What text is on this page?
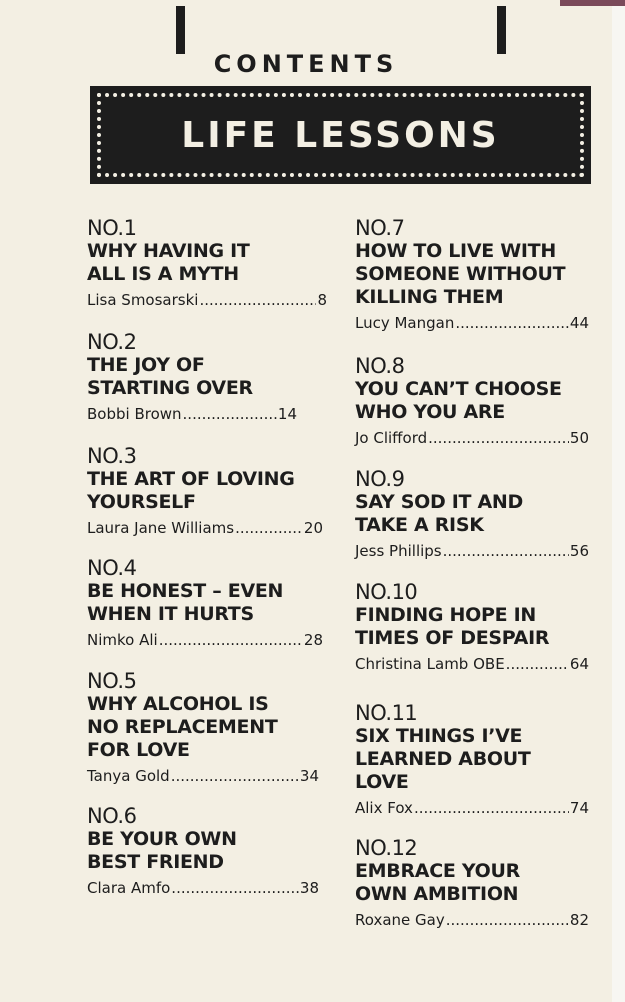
CONTENTS
LIFE LESSONS
NO.1
WHY HAVING IT
ALL IS A MYTH
Lisa Smosarski .....	8
NO.2
THE JOY OF
STARTING OVER
Bobbi Brown .....	14
NO.3
THE ART OF LOVING
YOURSELF
Laura Jane Williams .....	20
NO.4
BE HONEST – EVEN
WHEN IT HURTS
Nimko Ali .....	28
NO.5
WHY ALCOHOL IS
NO REPLACEMENT
FOR LOVE
Tanya Gold .....	34
NO.6
BE YOUR OWN
BEST FRIEND
Clara Amfo .....	38
NO.7
HOW TO LIVE WITH
SOMEONE WITHOUT
KILLING THEM
Lucy Mangan .....	44
NO.8
YOU CAN’T CHOOSE
WHO YOU ARE
Jo Clifford .....	50
NO.9
SAY SOD IT AND
TAKE A RISK
Jess Phillips .....	56
NO.10
FINDING HOPE IN
TIMES OF DESPAIR
Christina Lamb OBE .....	64
NO.11
SIX THINGS I’VE
LEARNED ABOUT
LOVE
Alix Fox .....	74
NO.12
EMBRACE YOUR
OWN AMBITION
Roxane Gay .....	82
